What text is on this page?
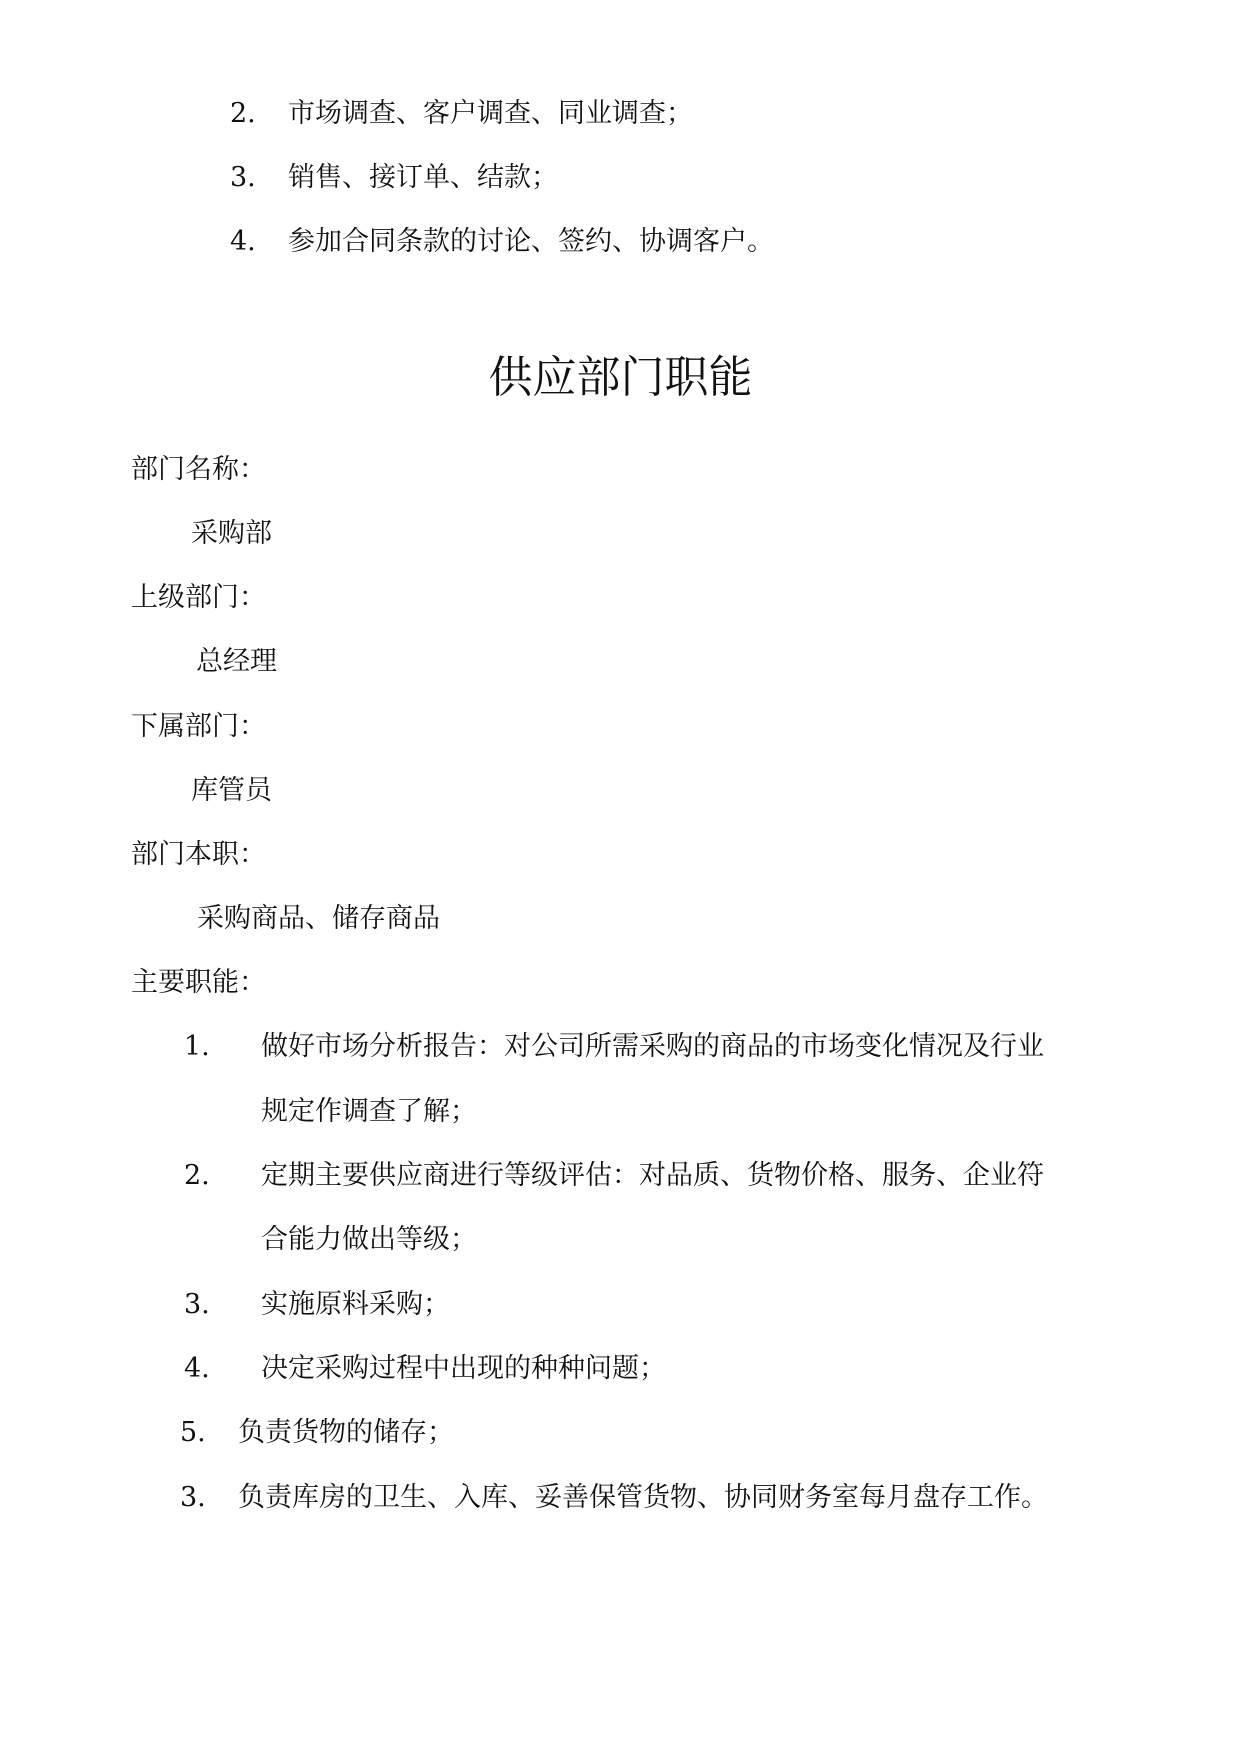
2. 市场调查、客户调查、同业调查；
3. 销售、接订单、结款；
4. 参加合同条款的讨论、签约、协调客户。
供应部门职能
部门名称：
采购部
上级部门：
总经理
下属部门：
库管员
部门本职：
采购商品、储存商品
主要职能：
1. 做好市场分析报告：对公司所需采购的商品的市场变化情况及行业
规定作调查了解；
2. 定期主要供应商进行等级评估：对品质、货物价格、服务、企业符
合能力做出等级；
3. 实施原料采购；
4. 决定采购过程中出现的种种问题；
5. 负责货物的储存；
3. 负责库房的卫生、入库、妥善保管货物、协同财务室每月盘存工作。
